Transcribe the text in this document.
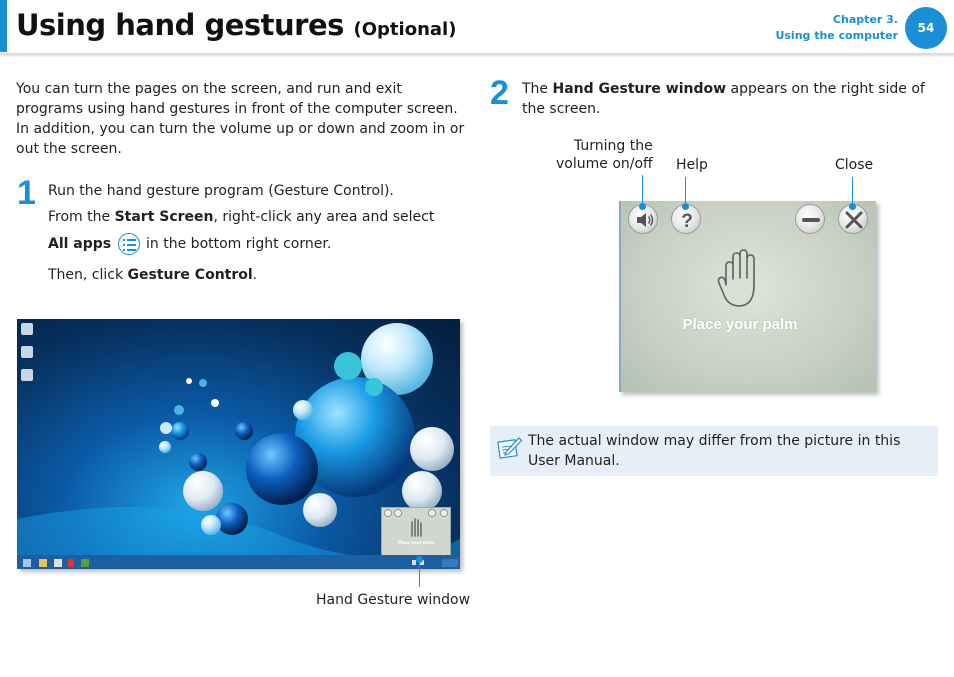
Using hand gestures (Optional)	Chapter 3.
Using the computer
54
You can turn the pages on the screen, and run and exit programs using hand gestures in front of the computer screen. In addition, you can turn the volume up or down and zoom in or out the screen.
1 Run the hand gesture program (Gesture Control).

From the Start Screen, right-click any area and select

All apps
in the bottom right corner.

Then, click Gesture Control.

Place your palm
Hand Gesture window
2 The Hand Gesture window appears on the right side of the screen.
Turning the
volume on/off Help	Close
?
Place your palm
The actual window may differ from the picture in this User Manual.
